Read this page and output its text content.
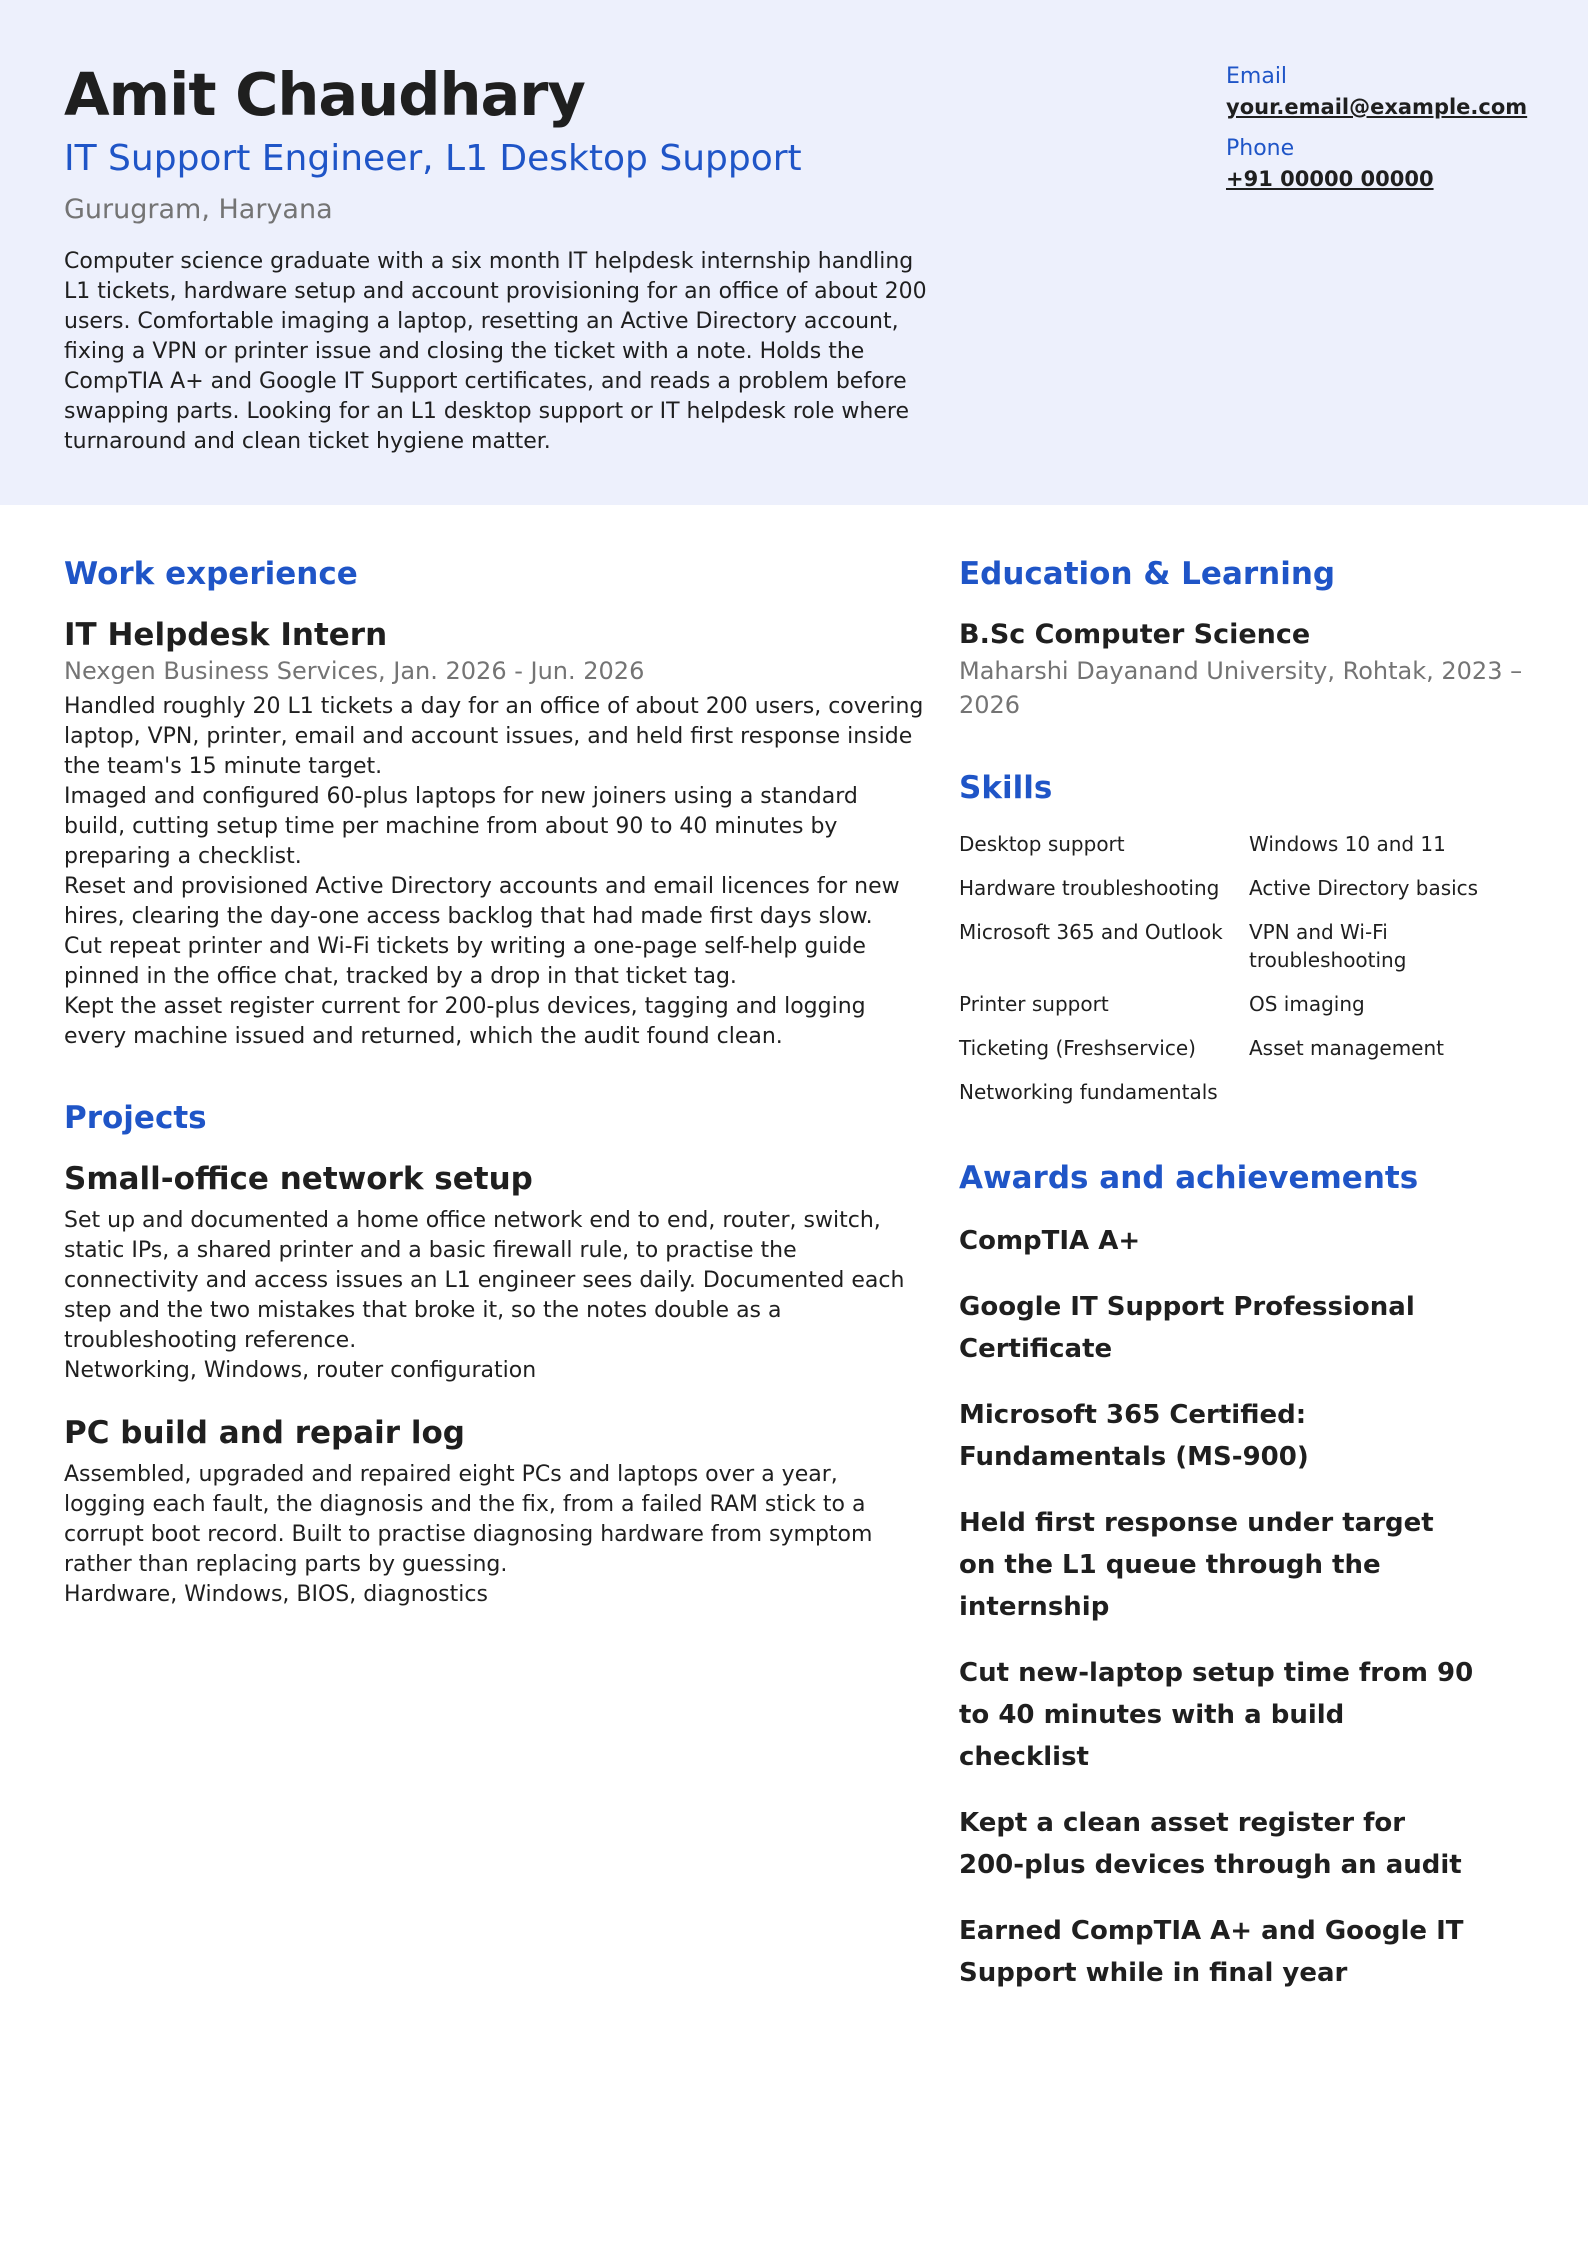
Amit Chaudhary
IT Support Engineer, L1 Desktop Support
Gurugram, Haryana

Computer science graduate with a six month IT helpdesk internship handling L1 tickets, hardware setup and account provisioning for an office of about 200 users. Comfortable imaging a laptop, resetting an Active Directory account, fixing a VPN or printer issue and closing the ticket with a note. Holds the CompTIA A+ and Google IT Support certificates, and reads a problem before swapping parts. Looking for an L1 desktop support or IT helpdesk role where turnaround and clean ticket hygiene matter.

Email
your.email@example.com
Phone
+91 00000 00000
Work experience
IT Helpdesk Intern
Nexgen Business Services, Jan. 2026 - Jun. 2026
Handled roughly 20 L1 tickets a day for an office of about 200 users, covering laptop, VPN, printer, email and account issues, and held first response inside the team's 15 minute target.
Imaged and configured 60-plus laptops for new joiners using a standard build, cutting setup time per machine from about 90 to 40 minutes by preparing a checklist.
Reset and provisioned Active Directory accounts and email licences for new hires, clearing the day-one access backlog that had made first days slow.
Cut repeat printer and Wi-Fi tickets by writing a one-page self-help guide pinned in the office chat, tracked by a drop in that ticket tag.
Kept the asset register current for 200-plus devices, tagging and logging every machine issued and returned, which the audit found clean.
Projects
Small-office network setup

Set up and documented a home office network end to end, router, switch, static IPs, a shared printer and a basic firewall rule, to practise the connectivity and access issues an L1 engineer sees daily. Documented each step and the two mistakes that broke it, so the notes double as a troubleshooting reference.

Networking, Windows, router configuration
PC build and repair log

Assembled, upgraded and repaired eight PCs and laptops over a year, logging each fault, the diagnosis and the fix, from a failed RAM stick to a corrupt boot record. Built to practise diagnosing hardware from symptom rather than replacing parts by guessing.

Hardware, Windows, BIOS, diagnostics
Education & Learning
B.Sc Computer Science
Maharshi Dayanand University, Rohtak, 2023 – 2026
Skills
Desktop support	Windows 10 and 11
Hardware troubleshooting	Active Directory basics
Microsoft 365 and Outlook	VPN and Wi-Fi troubleshooting
Printer support	OS imaging
Ticketing (Freshservice)	Asset management
Networking fundamentals
Awards and achievements
CompTIA A+
Google IT Support Professional Certificate
Microsoft 365 Certified: Fundamentals (MS-900)
Held first response under target on the L1 queue through the internship
Cut new-laptop setup time from 90 to 40 minutes with a build checklist
Kept a clean asset register for 200-plus devices through an audit
Earned CompTIA A+ and Google IT Support while in final year
